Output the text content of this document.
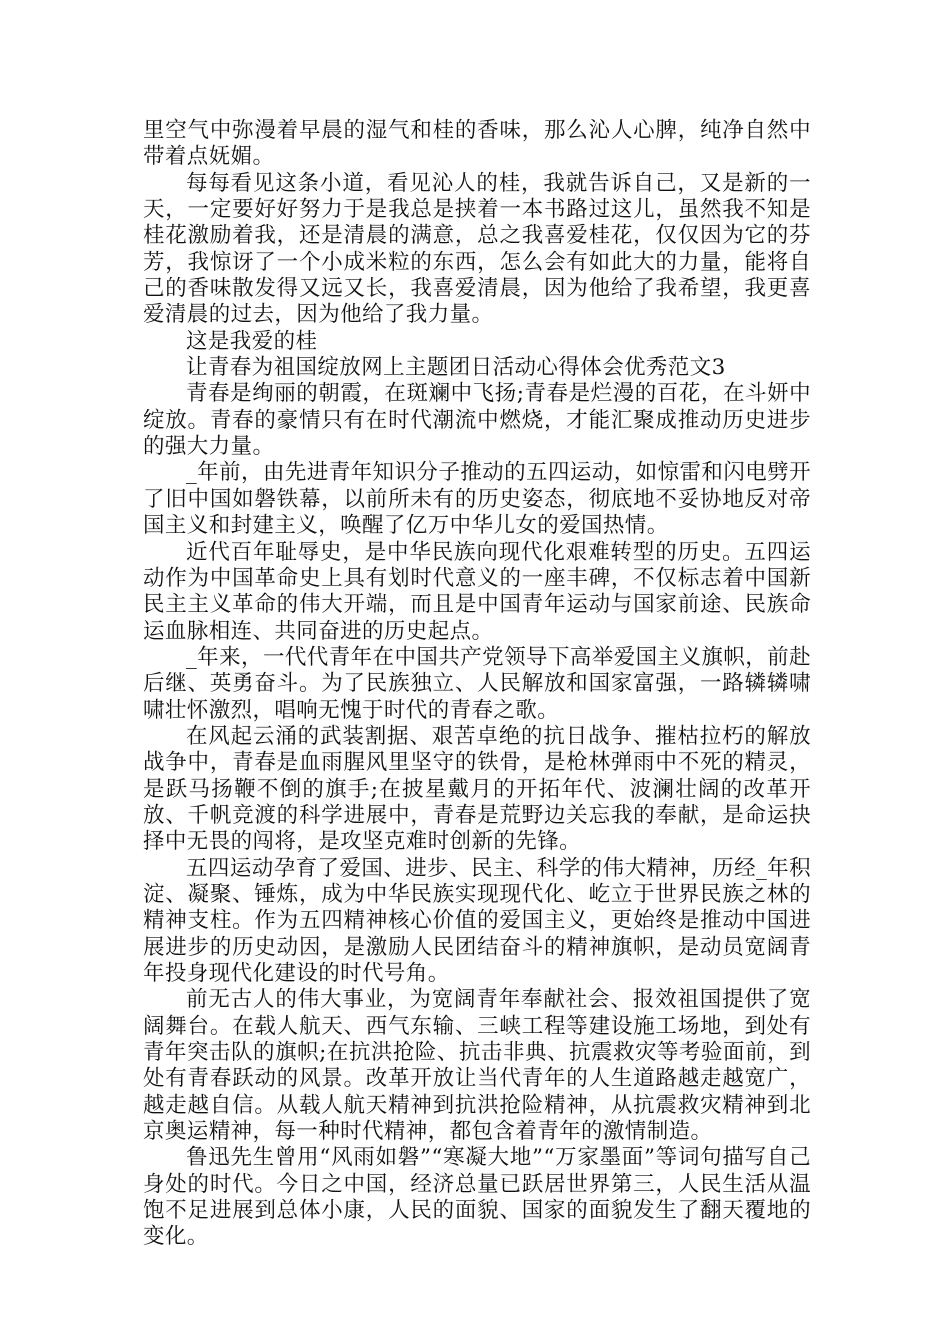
里空气中弥漫着早晨的湿气和桂的香味，那么沁人心脾，纯净自然中带着点妩媚。

每每看见这条小道，看见沁人的桂，我就告诉自己，又是新的一天，一定要好好努力于是我总是挟着一本书路过这儿，虽然我不知是桂花激励着我，还是清晨的满意，总之我喜爱桂花，仅仅因为它的芬芳，我惊讶了一个小成米粒的东西，怎么会有如此大的力量，能将自己的香味散发得又远又长，我喜爱清晨，因为他给了我希望，我更喜爱清晨的过去，因为他给了我力量。

这是我爱的桂

让青春为祖国绽放网上主题团日活动心得体会优秀范文3

青春是绚丽的朝霞，在斑斓中飞扬;青春是烂漫的百花，在斗妍中绽放。青春的豪情只有在时代潮流中燃烧，才能汇聚成推动历史进步的强大力量。

_年前，由先进青年知识分子推动的五四运动，如惊雷和闪电劈开了旧中国如磐铁幕，以前所未有的历史姿态，彻底地不妥协地反对帝国主义和封建主义，唤醒了亿万中华儿女的爱国热情。

近代百年耻辱史，是中华民族向现代化艰难转型的历史。五四运动作为中国革命史上具有划时代意义的一座丰碑，不仅标志着中国新民主主义革命的伟大开端，而且是中国青年运动与国家前途、民族命运血脉相连、共同奋进的历史起点。

_年来，一代代青年在中国共产党领导下高举爱国主义旗帜，前赴后继、英勇奋斗。为了民族独立、人民解放和国家富强，一路辚辚啸啸壮怀激烈，唱响无愧于时代的青春之歌。

在风起云涌的武装割据、艰苦卓绝的抗日战争、摧枯拉朽的解放战争中，青春是血雨腥风里坚守的铁骨，是枪林弹雨中不死的精灵，是跃马扬鞭不倒的旗手;在披星戴月的开拓年代、波澜壮阔的改革开放、千帆竞渡的科学进展中，青春是荒野边关忘我的奉献，是命运抉择中无畏的闯将，是攻坚克难时创新的先锋。

五四运动孕育了爱国、进步、民主、科学的伟大精神，历经_年积淀、凝聚、锤炼，成为中华民族实现现代化、屹立于世界民族之林的精神支柱。作为五四精神核心价值的爱国主义，更始终是推动中国进展进步的历史动因，是激励人民团结奋斗的精神旗帜，是动员宽阔青年投身现代化建设的时代号角。

前无古人的伟大事业，为宽阔青年奉献社会、报效祖国提供了宽阔舞台。在载人航天、西气东输、三峡工程等建设施工场地，到处有青年突击队的旗帜;在抗洪抢险、抗击非典、抗震救灾等考验面前，到处有青春跃动的风景。改革开放让当代青年的人生道路越走越宽广，越走越自信。从载人航天精神到抗洪抢险精神，从抗震救灾精神到北京奥运精神，每一种时代精神，都包含着青年的激情制造。

鲁迅先生曾用“风雨如磐”“寒凝大地”“万家墨面”等词句描写自己身处的时代。今日之中国，经济总量已跃居世界第三，人民生活从温饱不足进展到总体小康，人民的面貌、国家的面貌发生了翻天覆地的变化。
